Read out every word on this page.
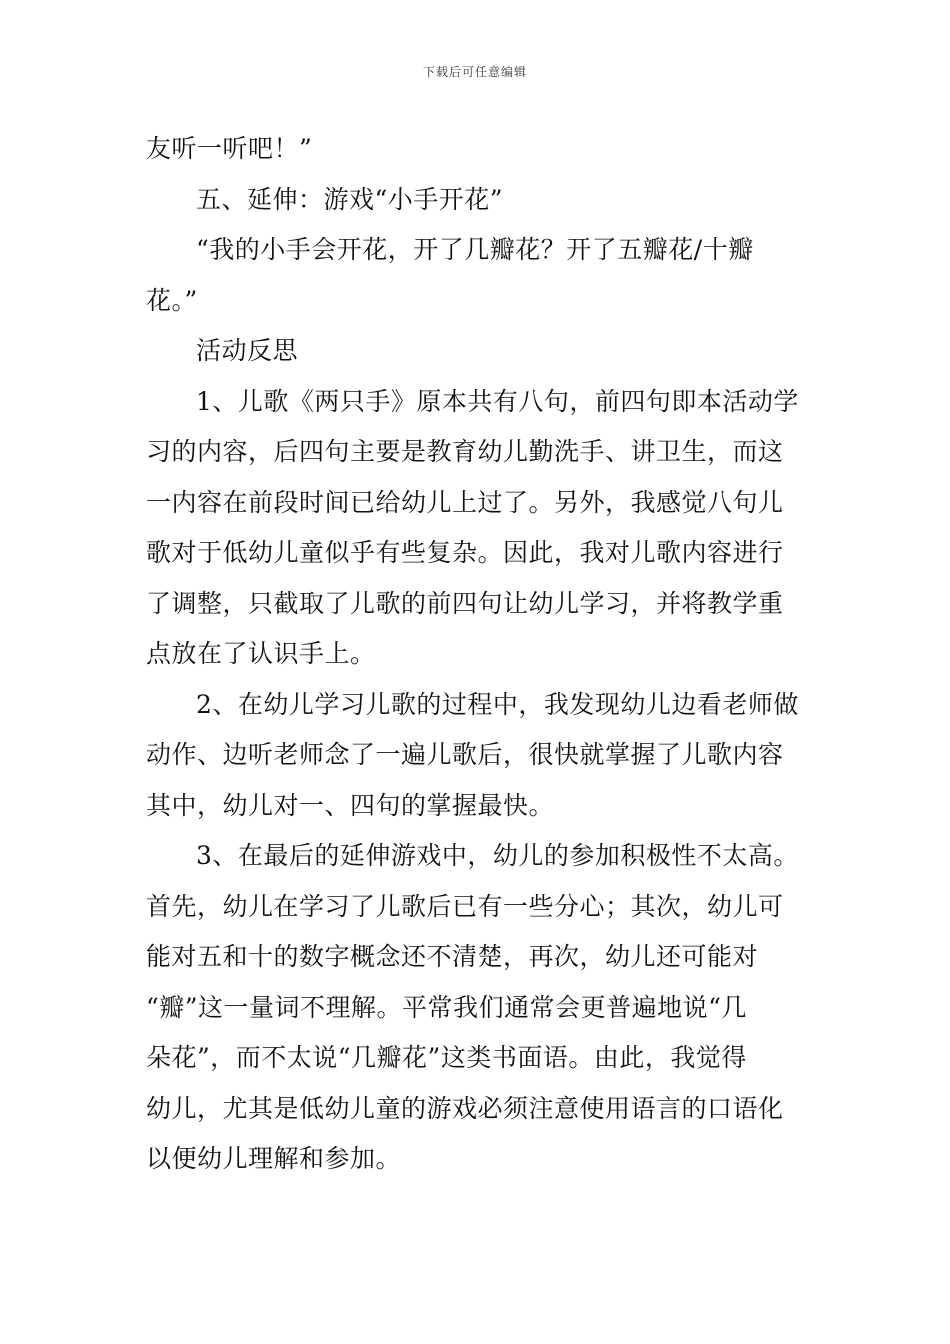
下载后可任意编辑
友听一听吧！”
五、延伸：游戏“小手开花”
“我的小手会开花，开了几瓣花？开了五瓣花/十瓣
花。”
活动反思
1、儿歌《两只手》原本共有八句，前四句即本活动学
习的内容，后四句主要是教育幼儿勤洗手、讲卫生，而这
一内容在前段时间已给幼儿上过了。另外，我感觉八句儿
歌对于低幼儿童似乎有些复杂。因此，我对儿歌内容进行
了调整，只截取了儿歌的前四句让幼儿学习，并将教学重
点放在了认识手上。
2、在幼儿学习儿歌的过程中，我发现幼儿边看老师做
动作、边听老师念了一遍儿歌后，很快就掌握了儿歌内容
其中，幼儿对一、四句的掌握最快。
3、在最后的延伸游戏中，幼儿的参加积极性不太高。
首先，幼儿在学习了儿歌后已有一些分心；其次，幼儿可
能对五和十的数字概念还不清楚，再次，幼儿还可能对
“瓣”这一量词不理解。平常我们通常会更普遍地说“几
朵花”，而不太说“几瓣花”这类书面语。由此，我觉得
幼儿，尤其是低幼儿童的游戏必须注意使用语言的口语化
以便幼儿理解和参加。
